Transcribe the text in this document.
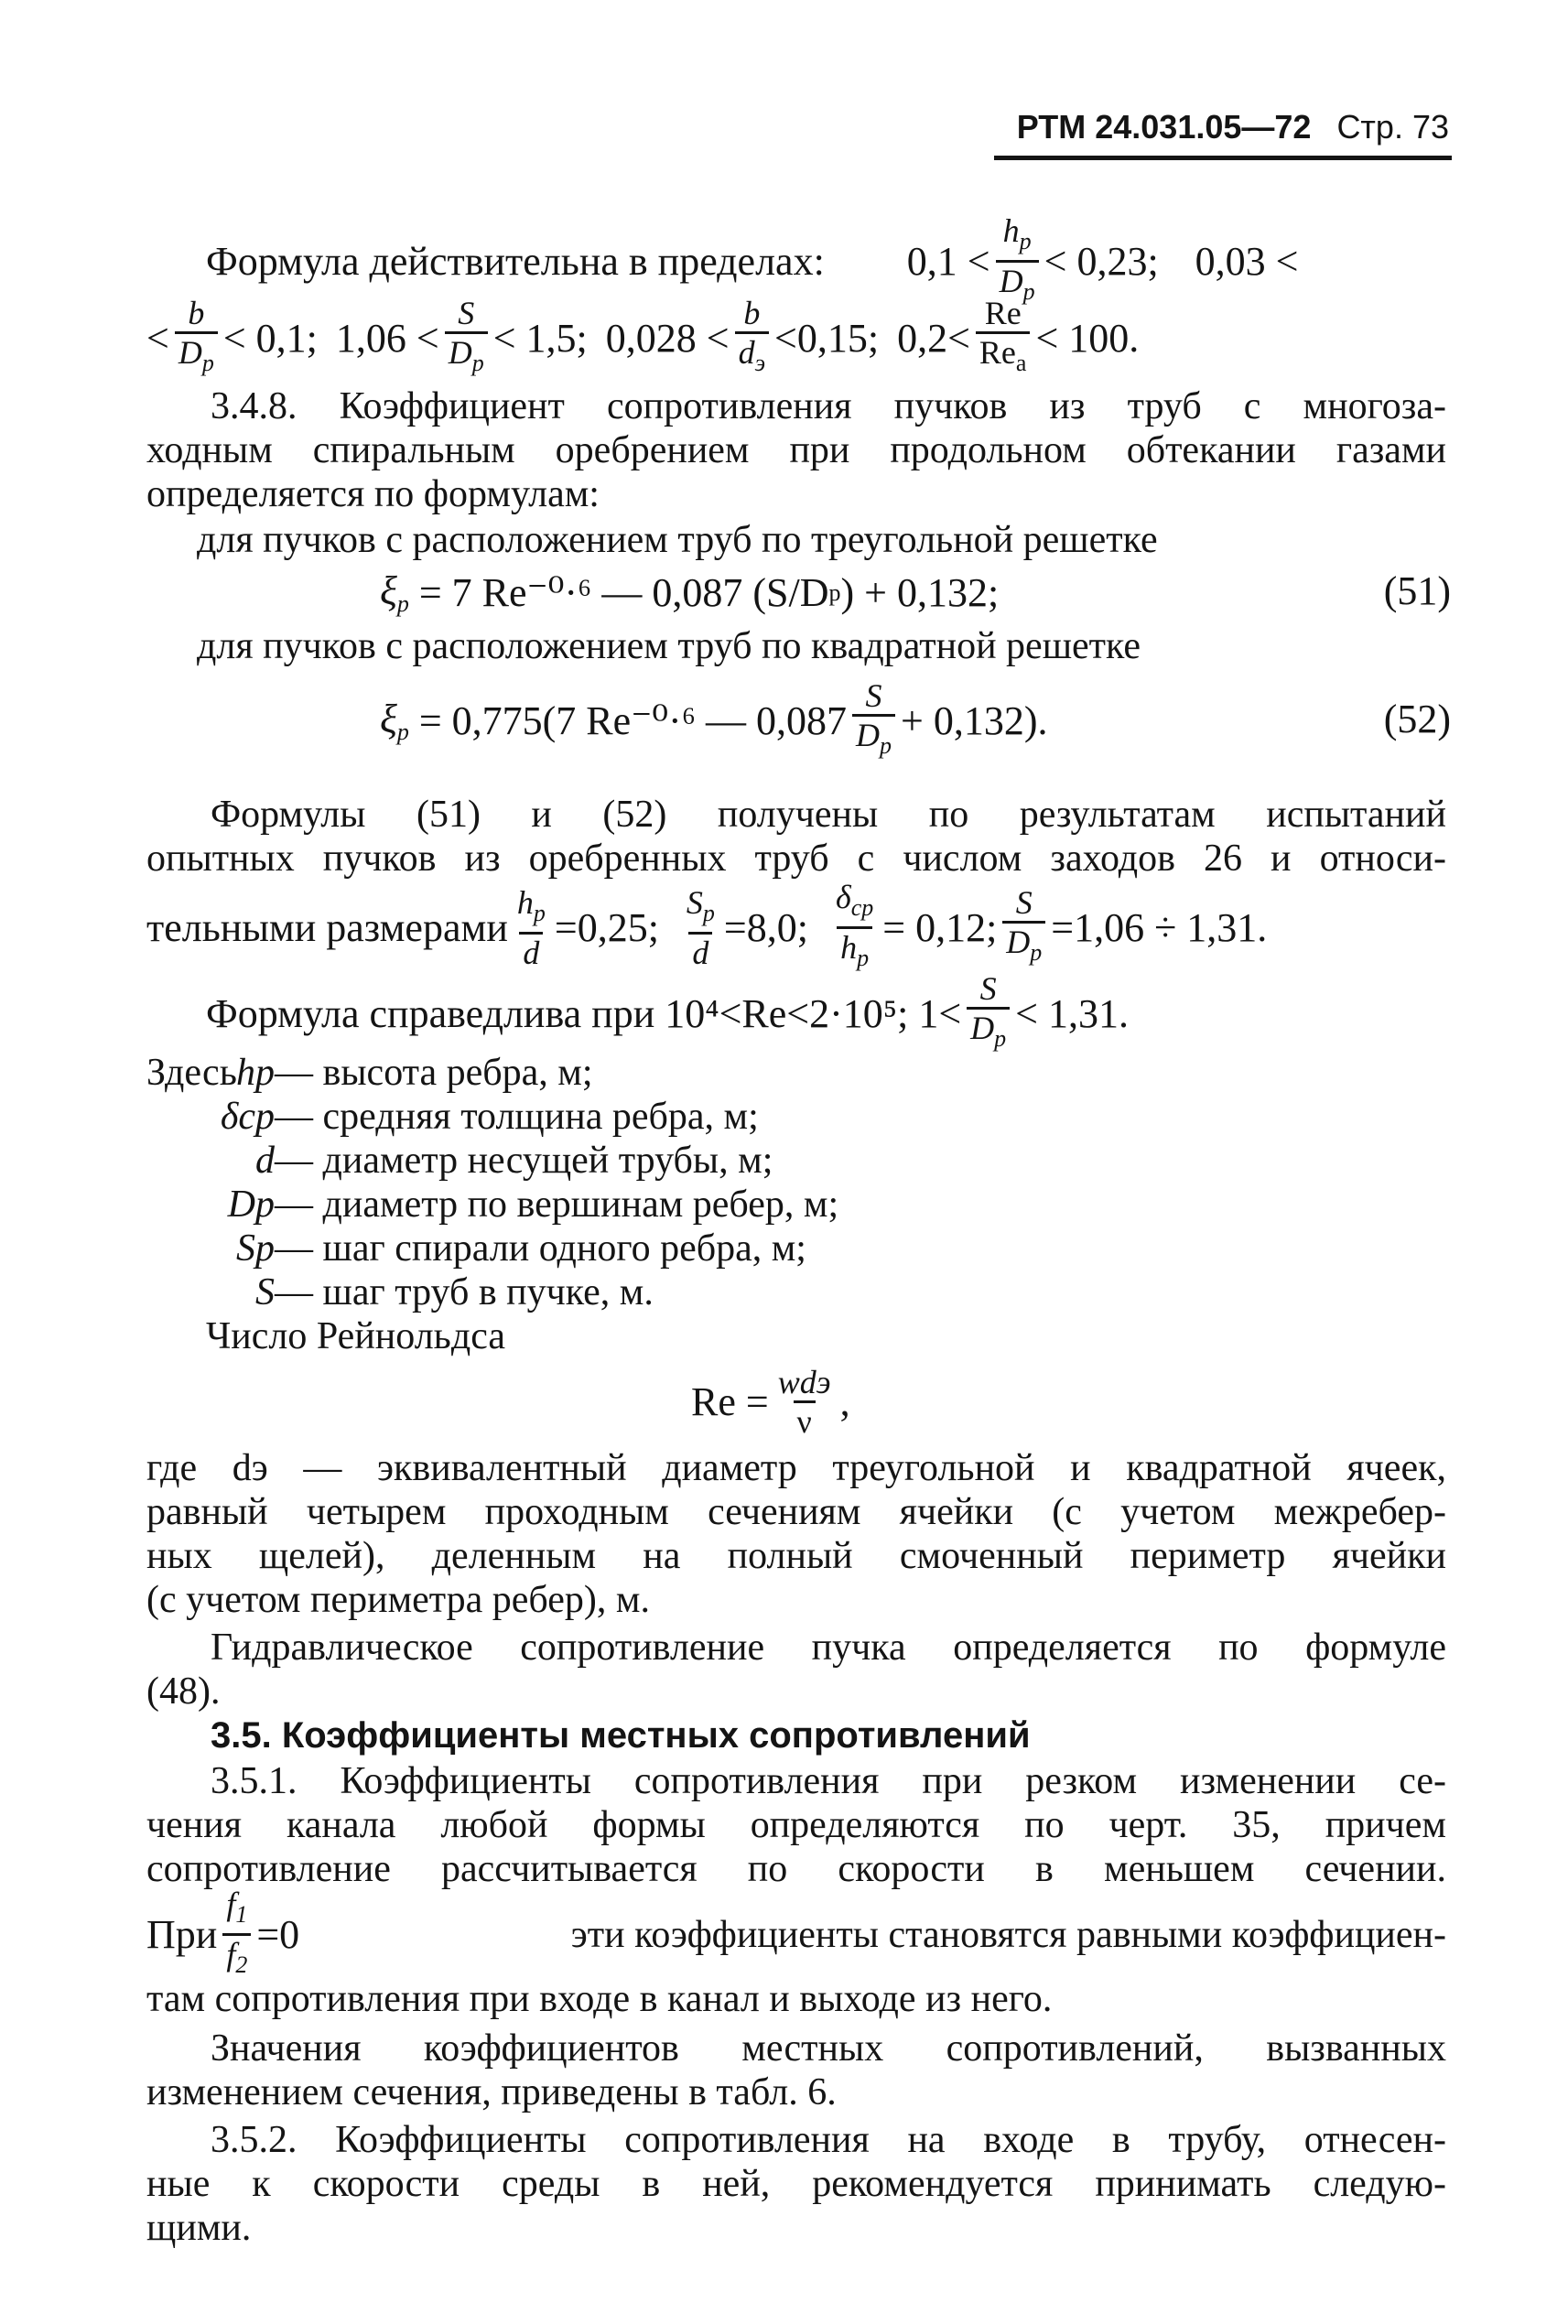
РТМ 24.031.05—72 Стр. 73
Формула действительна в пределах: $0,1 < \frac{h_р}{D_р} < 0,23$; 0,03 <
< $\frac{b}{D_р} < 0,1$; $1,06 < \frac{S}{D_р} < 1,5$; $0,028 < \frac{b}{d_э} <0,15$; $0,2< \frac{Re}{Re_a} < 100$.
3.4.8. Коэффициент сопротивления пучков из труб с многоза-
ходным спиральным оребрением при продольном обтекании газами
определяется по формулам:
для пучков с расположением труб по треугольной решетке
$\xi_р$
= 7 Re⁻⁰·⁶ — 0,087 (S/D р ) + 0,132;	(51)
для пучков с расположением труб по квадратной решетке
$\xi_р$
= 0,775(7 Re⁻⁰·⁶ — $0,087 \frac{S}{D_р} + 0,132$).	(52)
Формулы (51) и (52) получены по результатам испытаний
опытных пучков из оребренных труб с числом заходов 26 и относи-
тельными размерами $\frac{h_р}{d} =0,25$; $\frac{S_р}{d} =8,0$; $\frac{\delta_{ср}}{h_р} = 0,12$; $\frac{S}{D_р} =1,06 \div 1,31$.
Формула справедлива при 10⁴<Re<2·10⁵; $1< \frac{S}{D_р} < 1,31$.
Здесь hр— высота ребра, м;
δср— средняя толщина ребра, м;
d— диаметр несущей трубы, м;
Dр— диаметр по вершинам ребер, м;
Sр— шаг спирали одного ребра, м;
S— шаг труб в пучке, м.
Число Рейнольдса
$Re = \frac{\text{wdэ}}{\nu}$ ,
где dэ — эквивалентный диаметр треугольной и квадратной ячеек,
равный четырем проходным сечениям ячейки (с учетом межребер-
ных щелей), деленным на полный смоченный периметр ячейки
(с учетом периметра ребер), м.
Гидравлическое сопротивление пучка определяется по формуле
(48).
3.5. Коэффициенты местных сопротивлений
3.5.1. Коэффициенты сопротивления при резком изменении се-
чения канала любой формы определяются по черт. 35, причем
сопротивление рассчитывается по скорости в меньшем сечении.
При $\frac{f_1}{f_2} =0$	эти коэффициенты становятся равными коэффициен-
там сопротивления при входе в канал и выходе из него.
Значения коэффициентов местных сопротивлений, вызванных
изменением сечения, приведены в табл. 6.
3.5.2. Коэффициенты сопротивления на входе в трубу, отнесен-
ные к скорости среды в ней, рекомендуется принимать следую-
щими.
